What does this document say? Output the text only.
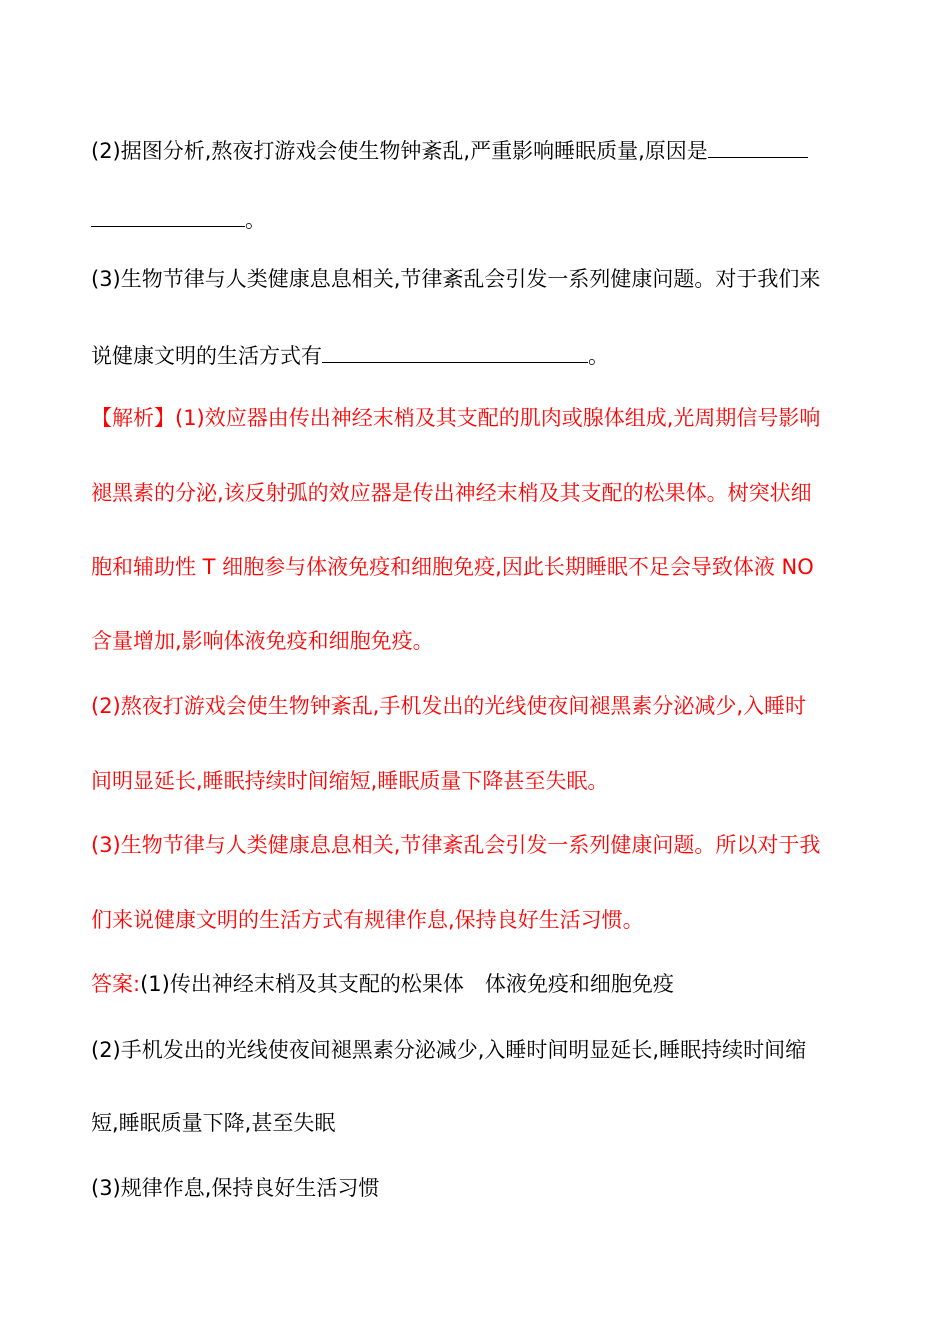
(2)据图分析,熬夜打游戏会使生物钟紊乱,严重影响睡眠质量,原因是
。
(3)生物节律与人类健康息息相关,节律紊乱会引发一系列健康问题。对于我们来
说健康文明的生活方式有	。
【解析】(1)效应器由传出神经末梢及其支配的肌肉或腺体组成,光周期信号影响
褪黑素的分泌,该反射弧的效应器是传出神经末梢及其支配的松果体。树突状细
胞和辅助性 T 细胞参与体液免疫和细胞免疫,因此长期睡眠不足会导致体液 NO
含量增加,影响体液免疫和细胞免疫。
(2)熬夜打游戏会使生物钟紊乱,手机发出的光线使夜间褪黑素分泌减少,入睡时
间明显延长,睡眠持续时间缩短,睡眠质量下降甚至失眠。
(3)生物节律与人类健康息息相关,节律紊乱会引发一系列健康问题。所以对于我
们来说健康文明的生活方式有规律作息,保持良好生活习惯。
答案:(1)传出神经末梢及其支配的松果体　体液免疫和细胞免疫
(2)手机发出的光线使夜间褪黑素分泌减少,入睡时间明显延长,睡眠持续时间缩
短,睡眠质量下降,甚至失眠
(3)规律作息,保持良好生活习惯
